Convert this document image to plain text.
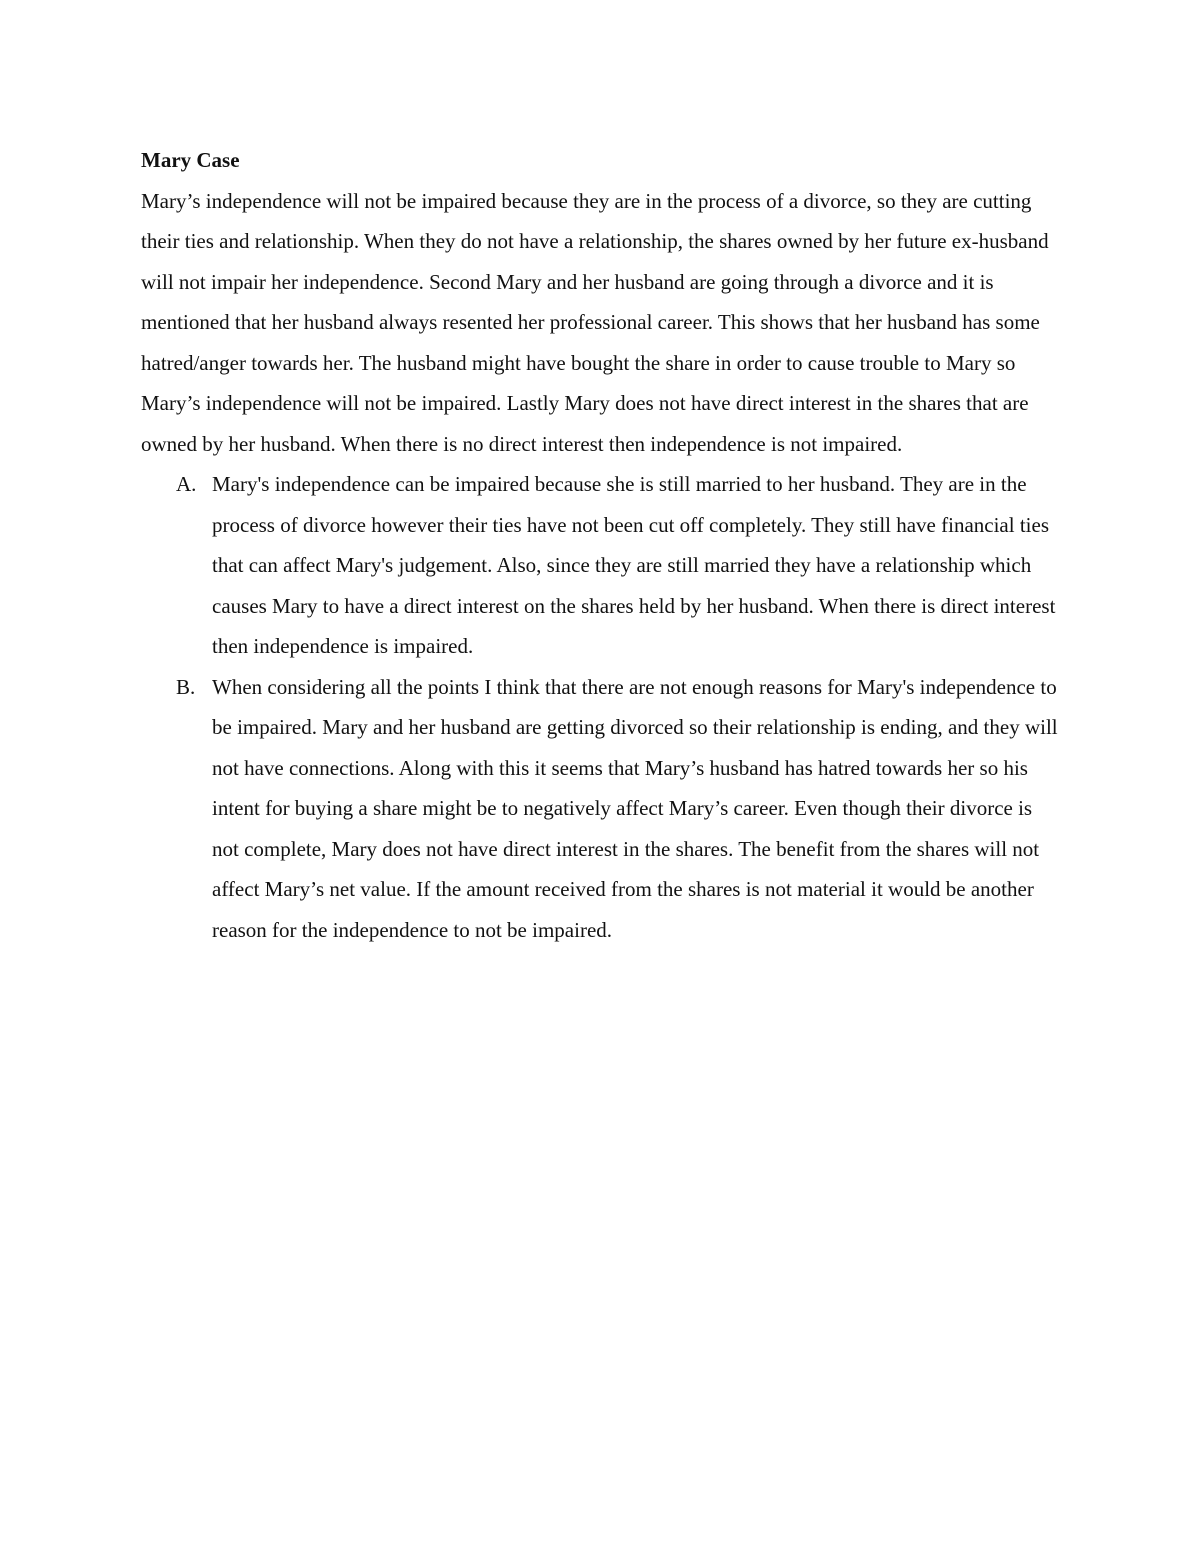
Mary Case

Mary’s independence will not be impaired because they are in the process of a divorce, so they are cutting their ties and relationship. When they do not have a relationship, the shares owned by her future ex-husband will not impair her independence. Second Mary and her husband are going through a divorce and it is mentioned that her husband always resented her professional career. This shows that her husband has some hatred/anger towards her. The husband might have bought the share in order to cause trouble to Mary so Mary’s independence will not be impaired. Lastly Mary does not have direct interest in the shares that are owned by her husband. When there is no direct interest then independence is not impaired.

A. Mary's independence can be impaired because she is still married to her husband. They are in the process of divorce however their ties have not been cut off completely. They still have financial ties that can affect Mary's judgement. Also, since they are still married they have a relationship which causes Mary to have a direct interest on the shares held by her husband. When there is direct interest then independence is impaired.
B. When considering all the points I think that there are not enough reasons for Mary's independence to be impaired. Mary and her husband are getting divorced so their relationship is ending, and they will not have connections. Along with this it seems that Mary’s husband has hatred towards her so his intent for buying a share might be to negatively affect Mary’s career. Even though their divorce is not complete, Mary does not have direct interest in the shares. The benefit from the shares will not affect Mary’s net value. If the amount received from the shares is not material it would be another reason for the independence to not be impaired.
